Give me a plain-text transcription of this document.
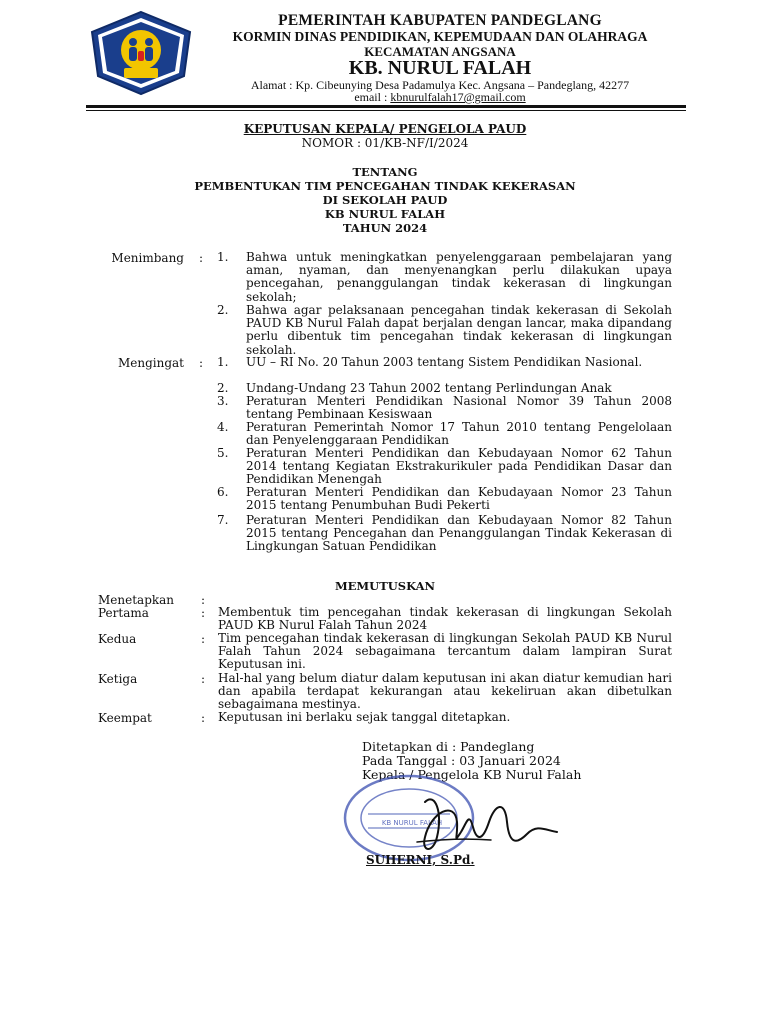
PEMERINTAH KABUPATEN PANDEGLANG
KORMIN DINAS PENDIDIKAN, KEPEMUDAAN DAN OLAHRAGA
KECAMATAN ANGSANA
KB. NURUL FALAH
Alamat : Kp. Cibeunying Desa Padamulya Kec. Angsana – Pandeglang, 42277
email : kbnurulfalah17@gmail.com
KEPUTUSAN KEPALA/ PENGELOLA PAUD
NOMOR : 01/KB-NF/I/2024
TENTANG
PEMBENTUKAN TIM PENCEGAHAN TINDAK KEKERASAN
DI SEKOLAH PAUD
KB NURUL FALAH
TAHUN 2024
Menimbang : 1.	Bahwa untuk meningkatkan penyelenggaraan pembelajaran yang aman, nyaman, dan menyenangkan perlu dilakukan upaya pencegahan, penanggulangan tindak kekerasan di lingkungan sekolah;
2.	Bahwa agar pelaksanaan pencegahan tindak kekerasan di Sekolah PAUD KB Nurul Falah dapat berjalan dengan lancar, maka dipandang perlu dibentuk tim pencegahan tindak kekerasan di lingkungan sekolah.
Mengingat : 1.	UU – RI No. 20 Tahun 2003 tentang Sistem Pendidikan Nasional.
2.	Undang-Undang 23 Tahun 2002 tentang Perlindungan Anak
3.	Peraturan Menteri Pendidikan Nasional Nomor 39 Tahun 2008 tentang Pembinaan Kesiswaan
4.	Peraturan Pemerintah Nomor 17 Tahun 2010 tentang Pengelolaan dan Penyelenggaraan Pendidikan
5.	Peraturan Menteri Pendidikan dan Kebudayaan Nomor 62 Tahun 2014 tentang Kegiatan Ekstrakurikuler pada Pendidikan Dasar dan Pendidikan Menengah
6.	Peraturan Menteri Pendidikan dan Kebudayaan Nomor 23 Tahun 2015 tentang Penumbuhan Budi Pekerti
7.	Peraturan Menteri Pendidikan dan Kebudayaan Nomor 82 Tahun 2015 tentang Pencegahan dan Penanggulangan Tindak Kekerasan di Lingkungan Satuan Pendidikan
MEMUTUSKAN
Menetapkan :
Pertama	: Membentuk tim pencegahan tindak kekerasan di lingkungan Sekolah PAUD KB Nurul Falah Tahun 2024
Kedua	: Tim pencegahan tindak kekerasan di lingkungan Sekolah PAUD KB Nurul Falah Tahun 2024 sebagaimana tercantum dalam lampiran Surat Keputusan ini.
Ketiga	: Hal-hal yang belum diatur dalam keputusan ini akan diatur kemudian hari dan apabila terdapat kekurangan atau kekeliruan akan dibetulkan sebagaimana mestinya.
Keempat	: Keputusan ini berlaku sejak tanggal ditetapkan.
Ditetapkan di : Pandeglang
Pada Tanggal : 03 Januari 2024
Kepala / Pengelola KB Nurul Falah
KB NURUL FALAH
SUHERNI, S.Pd.
